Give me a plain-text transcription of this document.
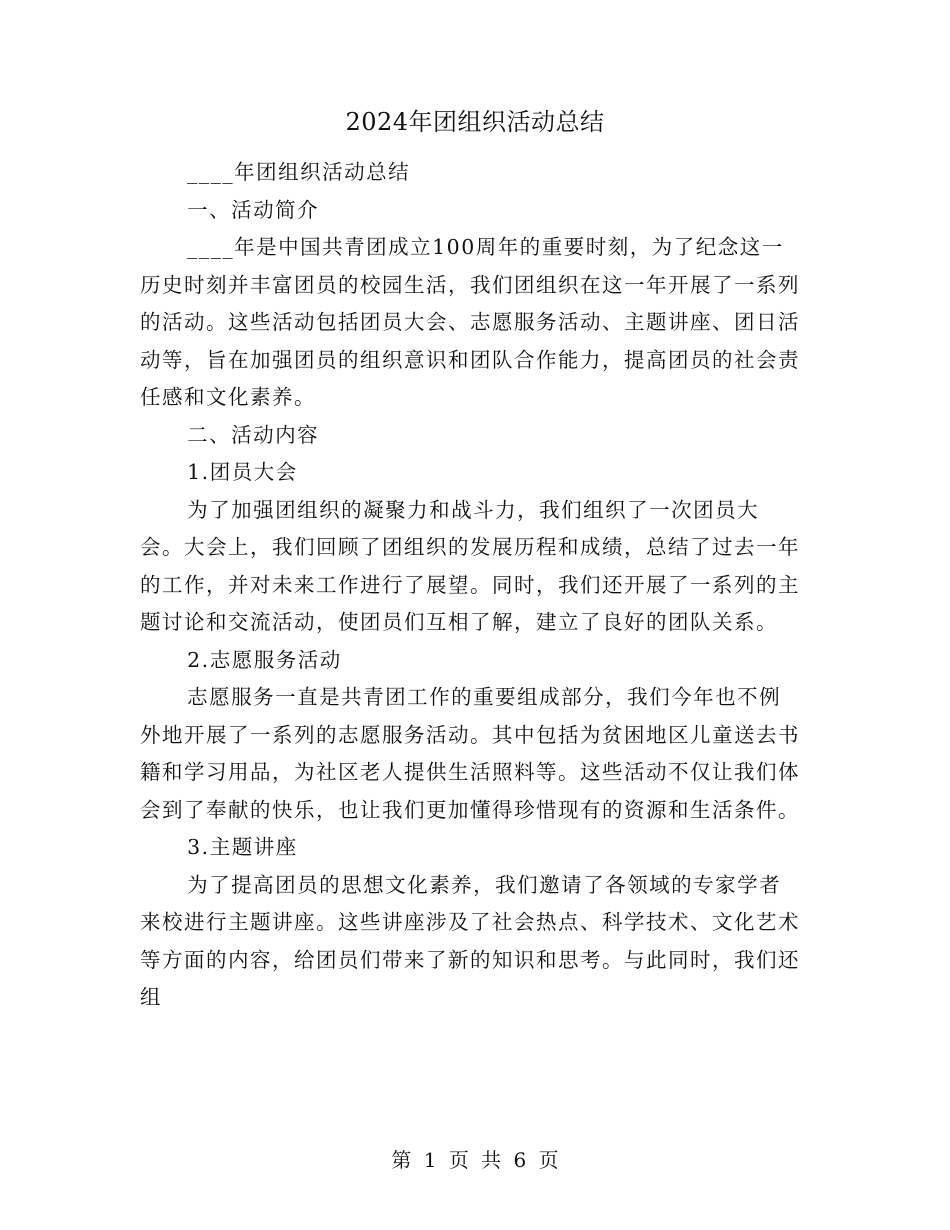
2024年团组织活动总结

____年团组织活动总结

一、活动简介

____年是中国共青团成立100周年的重要时刻，为了纪念这一历史时刻并丰富团员的校园生活，我们团组织在这一年开展了一系列的活动。这些活动包括团员大会、志愿服务活动、主题讲座、团日活动等，旨在加强团员的组织意识和团队合作能力，提高团员的社会责任感和文化素养。

二、活动内容

1.团员大会

为了加强团组织的凝聚力和战斗力，我们组织了一次团员大会。大会上，我们回顾了团组织的发展历程和成绩，总结了过去一年的工作，并对未来工作进行了展望。同时，我们还开展了一系列的主题讨论和交流活动，使团员们互相了解，建立了良好的团队关系。

2.志愿服务活动

志愿服务一直是共青团工作的重要组成部分，我们今年也不例外地开展了一系列的志愿服务活动。其中包括为贫困地区儿童送去书籍和学习用品，为社区老人提供生活照料等。这些活动不仅让我们体会到了奉献的快乐，也让我们更加懂得珍惜现有的资源和生活条件。

3.主题讲座

为了提高团员的思想文化素养，我们邀请了各领域的专家学者来校进行主题讲座。这些讲座涉及了社会热点、科学技术、文化艺术等方面的内容，给团员们带来了新的知识和思考。与此同时，我们还组

第 1 页 共 6 页
